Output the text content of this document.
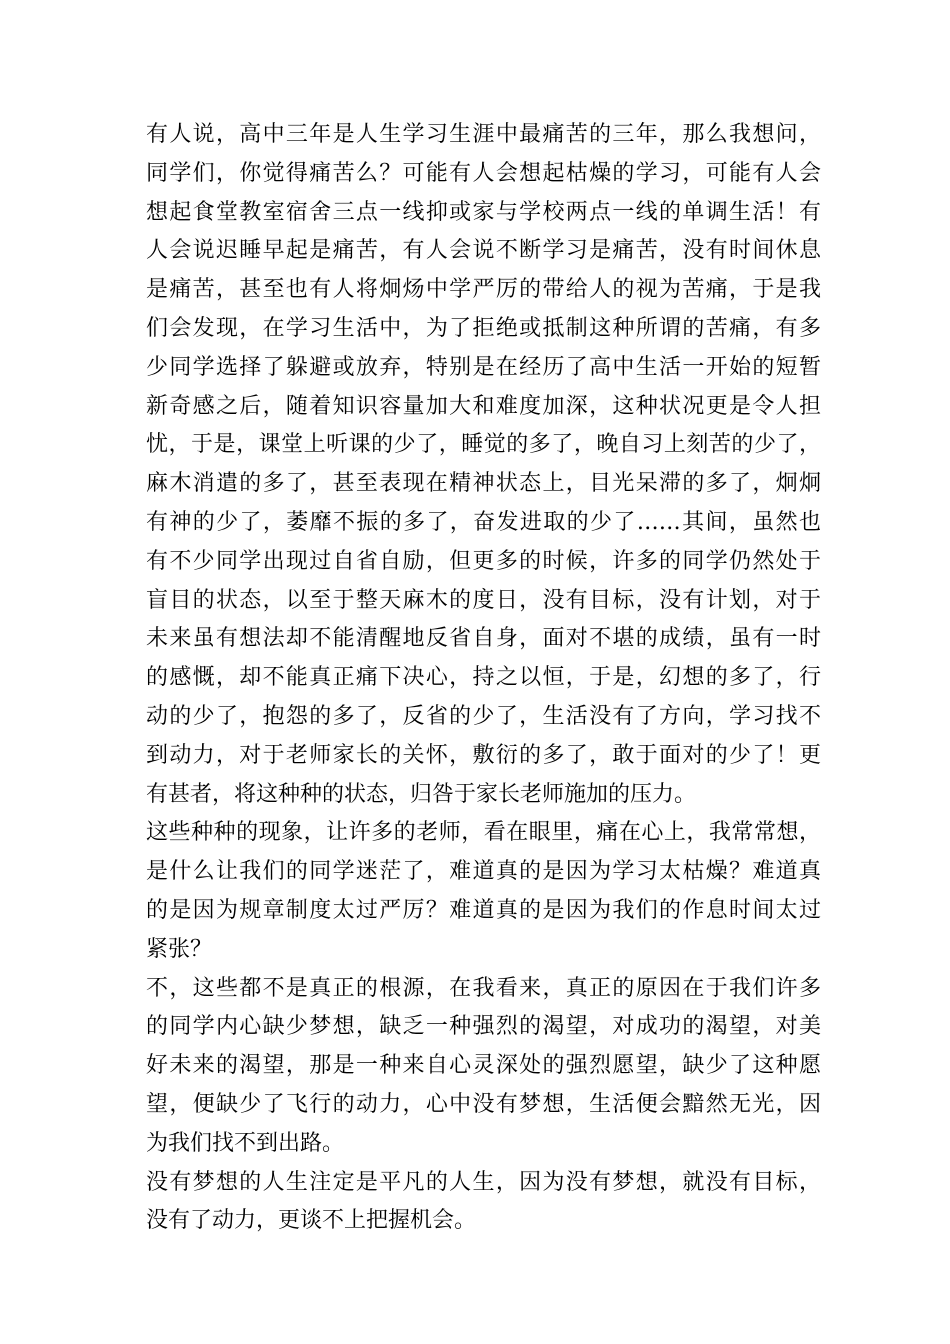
有人说，高中三年是人生学习生涯中最痛苦的三年，那么我想问，
同学们，你觉得痛苦么？可能有人会想起枯燥的学习，可能有人会
想起食堂教室宿舍三点一线抑或家与学校两点一线的单调生活！有
人会说迟睡早起是痛苦，有人会说不断学习是痛苦，没有时间休息
是痛苦，甚至也有人将炯炀中学严厉的带给人的视为苦痛，于是我
们会发现，在学习生活中，为了拒绝或抵制这种所谓的苦痛，有多
少同学选择了躲避或放弃，特别是在经历了高中生活一开始的短暂
新奇感之后，随着知识容量加大和难度加深，这种状况更是令人担
忧，于是，课堂上听课的少了，睡觉的多了，晚自习上刻苦的少了，
麻木消遣的多了，甚至表现在精神状态上，目光呆滞的多了，炯炯
有神的少了，萎靡不振的多了，奋发进取的少了……其间，虽然也
有不少同学出现过自省自励，但更多的时候，许多的同学仍然处于
盲目的状态，以至于整天麻木的度日，没有目标，没有计划，对于
未来虽有想法却不能清醒地反省自身，面对不堪的成绩，虽有一时
的感慨，却不能真正痛下决心，持之以恒，于是，幻想的多了，行
动的少了，抱怨的多了，反省的少了，生活没有了方向，学习找不
到动力，对于老师家长的关怀，敷衍的多了，敢于面对的少了！更
有甚者，将这种种的状态，归咎于家长老师施加的压力。
这些种种的现象，让许多的老师，看在眼里，痛在心上，我常常想，
是什么让我们的同学迷茫了，难道真的是因为学习太枯燥？难道真
的是因为规章制度太过严厉？难道真的是因为我们的作息时间太过
紧张？
不，这些都不是真正的根源，在我看来，真正的原因在于我们许多
的同学内心缺少梦想，缺乏一种强烈的渴望，对成功的渴望，对美
好未来的渴望，那是一种来自心灵深处的强烈愿望，缺少了这种愿
望，便缺少了飞行的动力，心中没有梦想，生活便会黯然无光，因
为我们找不到出路。
没有梦想的人生注定是平凡的人生，因为没有梦想，就没有目标，
没有了动力，更谈不上把握机会。
